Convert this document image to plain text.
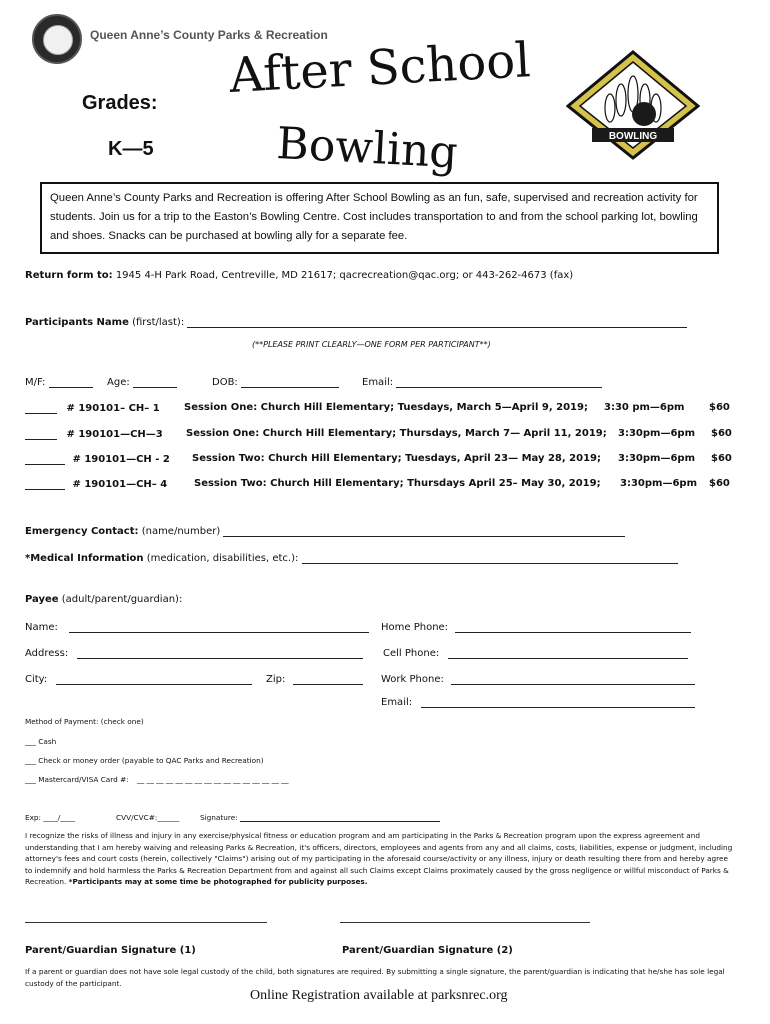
Queen Anne’s County Parks & Recreation
Grades:
K—5
After School
Bowling	BOWLING
Queen Anne’s County Parks and Recreation is offering After School Bowling as an fun, safe, supervised and recreation activity for students. Join us for a trip to the Easton’s Bowling Centre. Cost includes transportation to and from the school parking lot, bowling and shoes. Snacks can be purchased at bowling ally for a separate fee.
Return form to: 1945 4-H Park Road, Centreville, MD 21617; qacrecreation@qac.org; or 443-262-4673 (fax)
Participants Name (first/last):
(**PLEASE PRINT CLEARLY—ONE FORM PER PARTICIPANT**)
M/F:	Age:	DOB:	Email:
# 190101– CH– 1 Session One: Church Hill Elementary; Tuesdays, March 5—April 9, 2019; 3:30 pm—6pm $60
# 190101—CH—3 Session One: Church Hill Elementary; Thursdays, March 7— April 11, 2019; 3:30pm—6pm $60
# 190101—CH - 2 Session Two: Church Hill Elementary; Tuesdays, April 23— May 28, 2019; 3:30pm—6pm $60
# 190101—CH– 4	Session Two: Church Hill Elementary; Thursdays April 25– May 30, 2019; 3:30pm—6pm $60
Emergency Contact: (name/number)
*Medical Information (medication, disabilities, etc.):
Payee (adult/parent/guardian):
Name:	Home Phone:
Address:	Cell Phone:
City:	Zip:	Work Phone:
Email:
Method of Payment: (check one)
___ Cash
___ Check or money order (payable to QAC Parks and Recreation)
___ Mastercard/VISA Card #: __ __ __ __ __ __ __ __ __ __ __ __ __ __ __ __
Exp: ____/____	CVV/CVC#:______	Signature:
I recognize the risks of illness and injury in any exercise/physical fitness or education program and am participating in the Parks & Recreation program upon the express agreement and understanding that I am hereby waiving and releasing Parks & Recreation, it's officers, directors, employees and agents from any and all claims, costs, liabilities, expense or judgment, including attorney's fees and court costs (herein, collectively "Claims") arising out of my participating in the aforesaid course/activity or any illness, injury or death resulting there from and hereby agree to indemnify and hold harmless the Parks & Recreation Department from and against all such Claims except Claims proximately caused by the gross negligence or willful misconduct of Parks & Recreation. *Participants may at some time be photographed for publicity purposes.
Parent/Guardian Signature (1)	Parent/Guardian Signature (2)
If a parent or guardian does not have sole legal custody of the child, both signatures are required. By submitting a single signature, the parent/guardian is indicating that he/she has sole legal custody of the participant.
Online Registration available at parksnrec.org
